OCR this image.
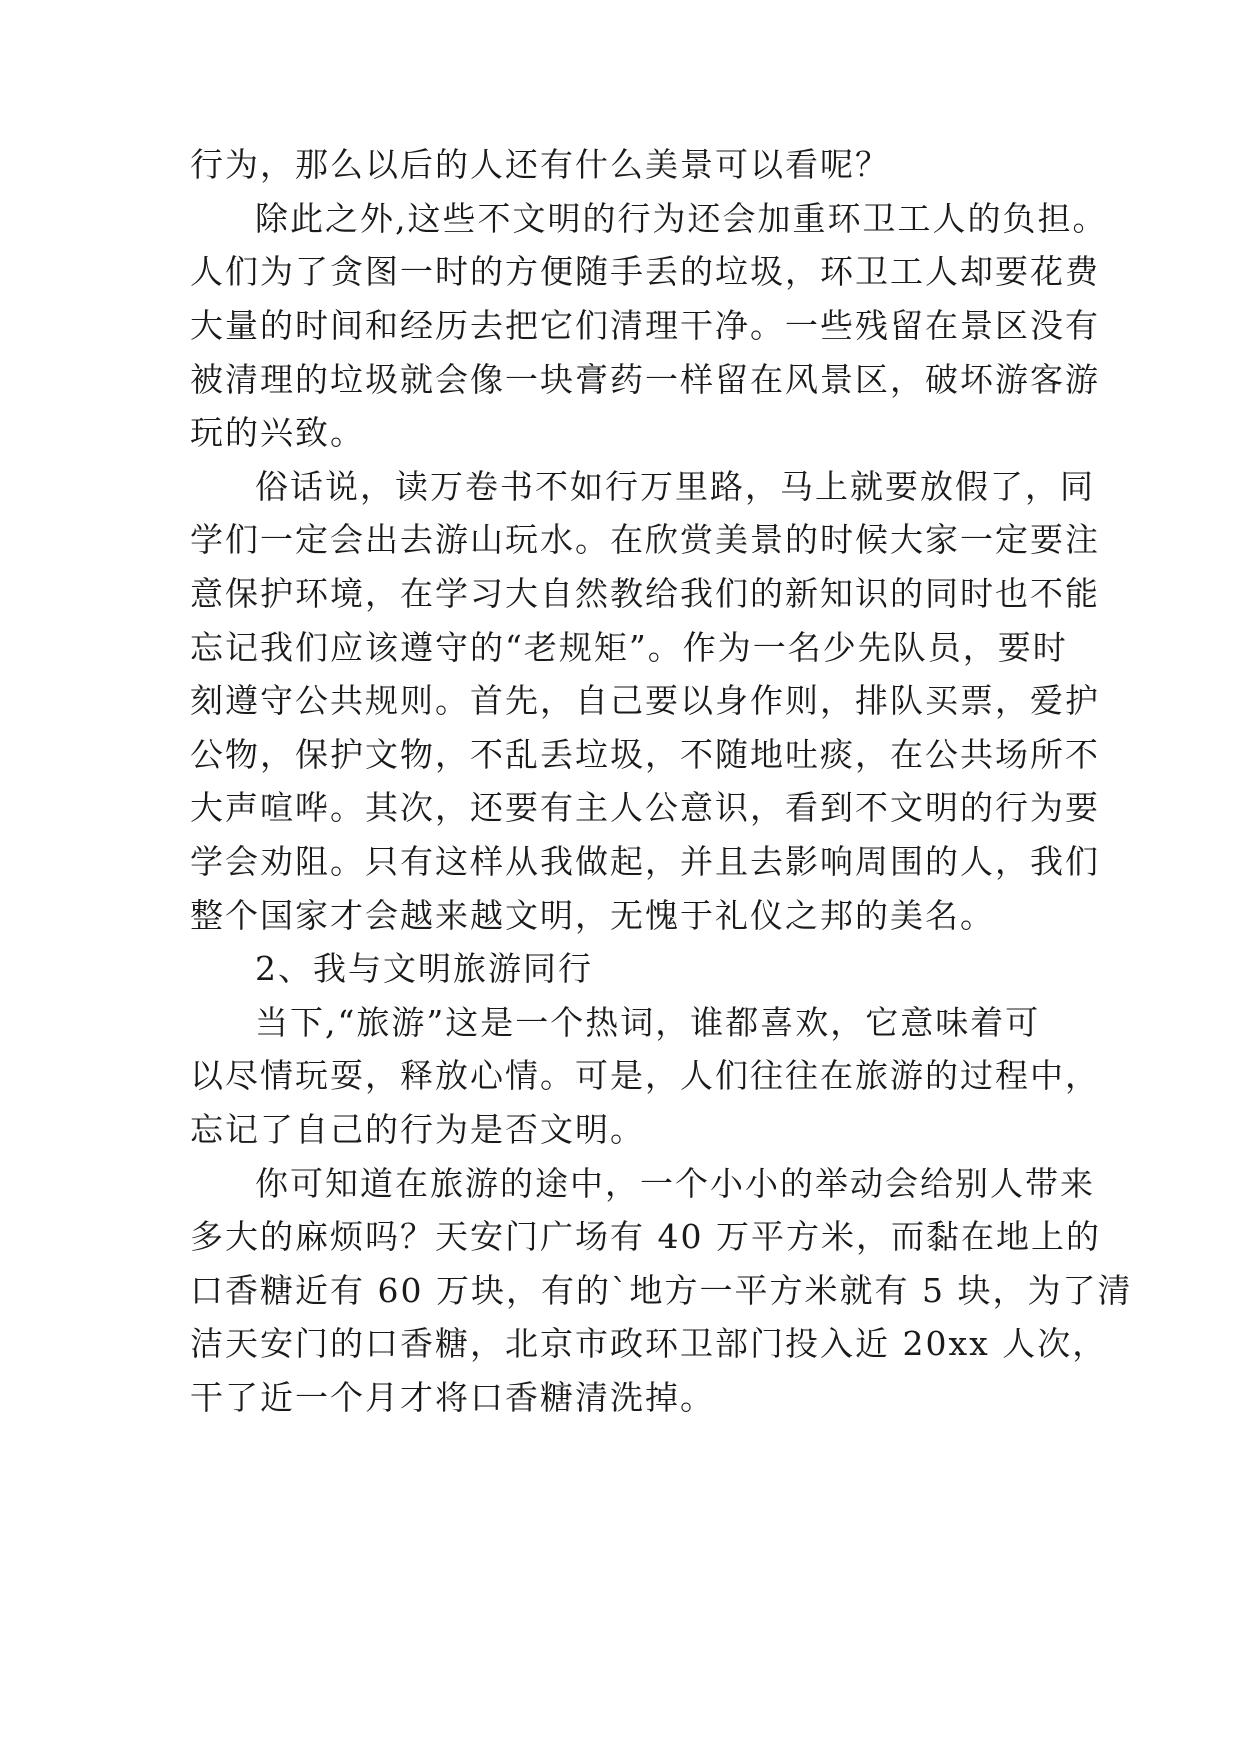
行为，那么以后的人还有什么美景可以看呢？
除此之外,这些不文明的行为还会加重环卫工人的负担。
人们为了贪图一时的方便随手丢的垃圾，环卫工人却要花费
大量的时间和经历去把它们清理干净。一些残留在景区没有
被清理的垃圾就会像一块膏药一样留在风景区，破坏游客游
玩的兴致。
俗话说，读万卷书不如行万里路，马上就要放假了，同
学们一定会出去游山玩水。在欣赏美景的时候大家一定要注
意保护环境，在学习大自然教给我们的新知识的同时也不能
忘记我们应该遵守的“老规矩”。作为一名少先队员，要时
刻遵守公共规则。首先，自己要以身作则，排队买票，爱护
公物，保护文物，不乱丢垃圾，不随地吐痰，在公共场所不
大声喧哗。其次，还要有主人公意识，看到不文明的行为要
学会劝阻。只有这样从我做起，并且去影响周围的人，我们
整个国家才会越来越文明，无愧于礼仪之邦的美名。
2、我与文明旅游同行
当下,“旅游”这是一个热词，谁都喜欢，它意味着可
以尽情玩耍，释放心情。可是，人们往往在旅游的过程中，
忘记了自己的行为是否文明。
你可知道在旅游的途中，一个小小的举动会给别人带来
多大的麻烦吗？天安门广场有 40 万平方米，而黏在地上的
口香糖近有 60 万块，有的`地方一平方米就有 5 块，为了清
洁天安门的口香糖，北京市政环卫部门投入近 20xx 人次，
干了近一个月才将口香糖清洗掉。
